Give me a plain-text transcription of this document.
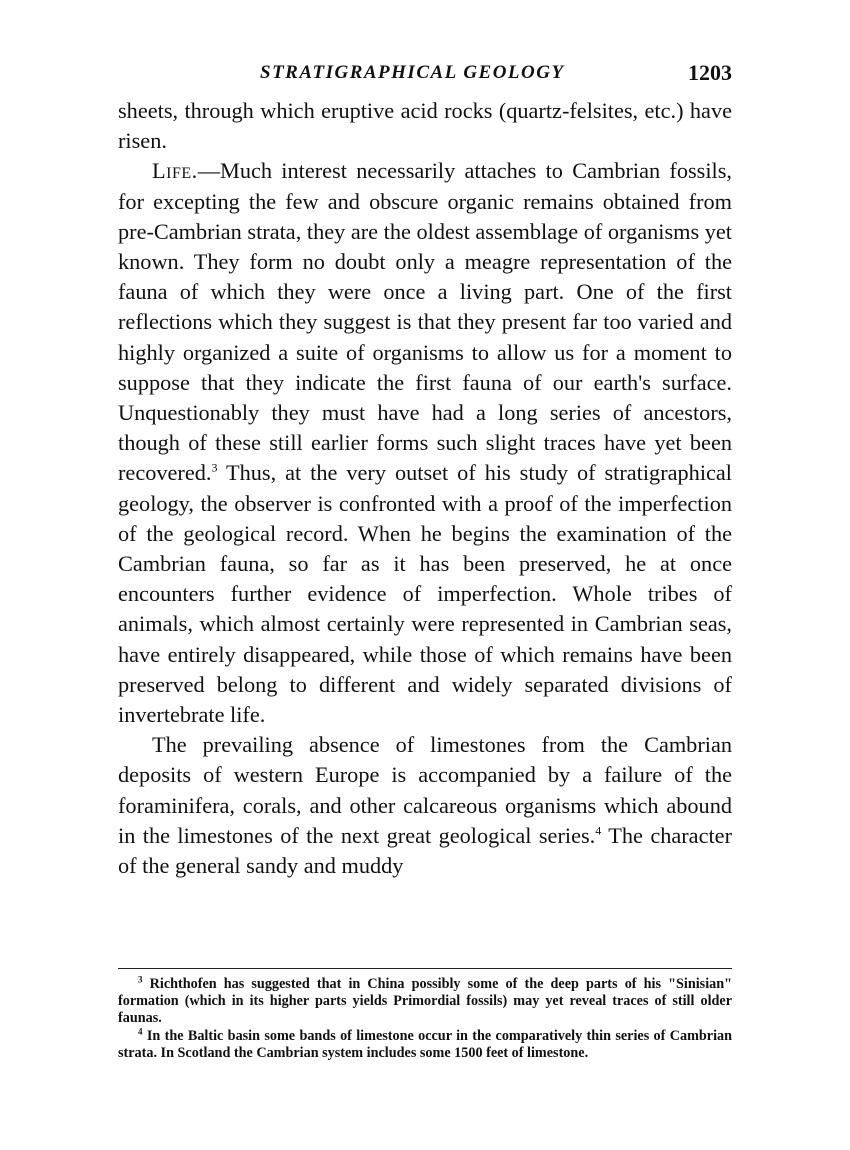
STRATIGRAPHICAL GEOLOGY	1203

sheets, through which eruptive acid rocks (quartz-felsites, etc.) have risen.

Life.—Much interest necessarily attaches to Cambrian fossils, for excepting the few and obscure organic remains obtained from pre-Cambrian strata, they are the oldest assemblage of organisms yet known. They form no doubt only a meagre representation of the fauna of which they were once a living part. One of the first reflections which they suggest is that they present far too varied and highly organized a suite of organisms to allow us for a moment to suppose that they indicate the first fauna of our earth's surface. Unquestionably they must have had a long series of ancestors, though of these still earlier forms such slight traces have yet been recovered.$^3$ Thus, at the very outset of his study of stratigraphical geology, the observer is confronted with a proof of the imperfection of the geological record. When he begins the examination of the Cambrian fauna, so far as it has been preserved, he at once encounters further evidence of imperfection. Whole tribes of animals, which almost certainly were represented in Cambrian seas, have entirely disappeared, while those of which remains have been preserved belong to different and widely separated divisions of invertebrate life.

The prevailing absence of limestones from the Cambrian deposits of western Europe is accompanied by a failure of the foraminifera, corals, and other calcareous organisms which abound in the limestones of the next great geological series.$^4$ The character of the general sandy and muddy

$^3$ Richthofen has suggested that in China possibly some of the deep parts of his "Sinisian" formation (which in its higher parts yields Primordial fossils) may yet reveal traces of still older faunas.

$^4$ In the Baltic basin some bands of limestone occur in the comparatively thin series of Cambrian strata. In Scotland the Cambrian system includes some 1500 feet of limestone.
